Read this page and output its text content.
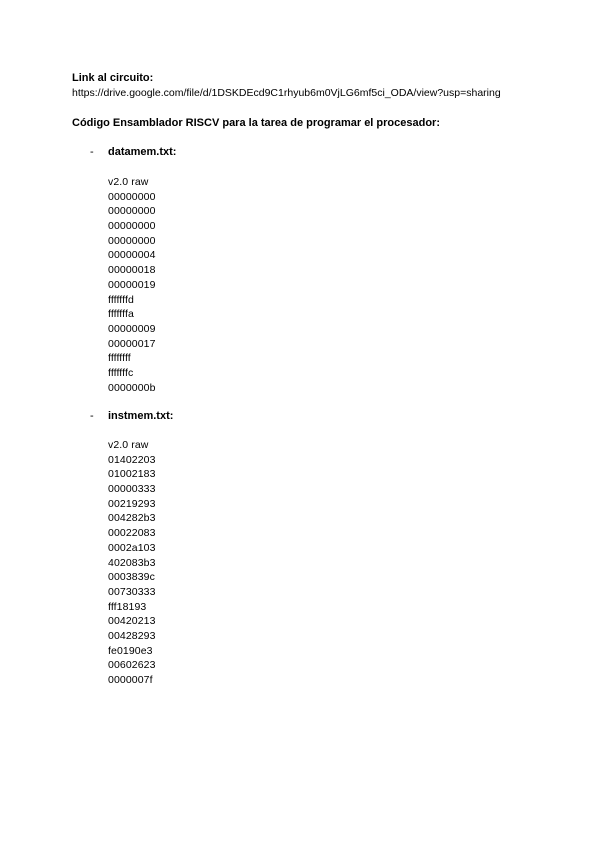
Link al circuito:
https://drive.google.com/file/d/1DSKDEcd9C1rhyub6m0VjLG6mf5ci_ODA/view?usp=sharing
Código Ensamblador RISCV para la tarea de programar el procesador:
-	datamem.txt:
v2.0 raw
00000000
00000000
00000000
00000000
00000004
00000018
00000019
fffffffd
fffffffa
00000009
00000017
ffffffff
fffffffc
0000000b
-	instmem.txt:
v2.0 raw
01402203
01002183
00000333
00219293
004282b3
00022083
0002a103
402083b3
0003839c
00730333
fff18193
00420213
00428293
fe0190e3
00602623
0000007f
